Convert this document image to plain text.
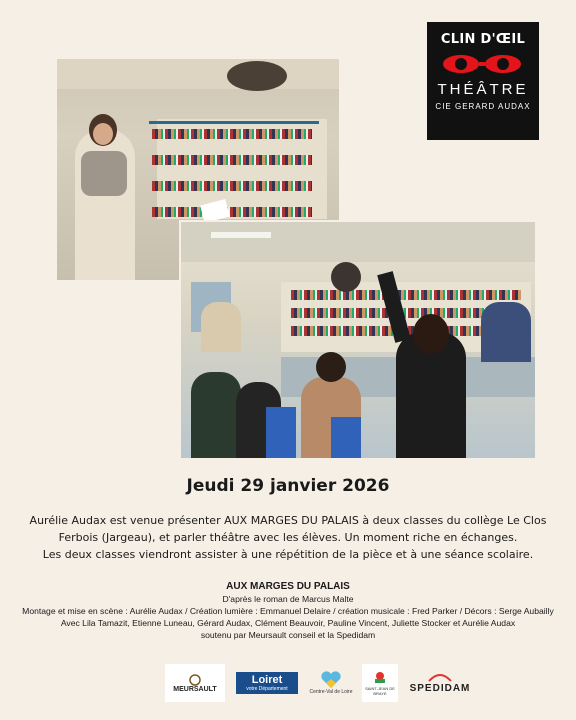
CLIN D'ŒIL
THÉÂTRE
CIE GERARD AUDAX
Jeudi 29 janvier 2026
Aurélie Audax est venue présenter AUX MARGES DU PALAIS à deux classes du collège Le Clos
Ferbois (Jargeau), et parler théâtre avec les élèves. Un moment riche en échanges.
Les deux classes viendront assister à une répétition de la pièce et à une séance scolaire.
AUX MARGES DU PALAIS
D'après le roman de Marcus Malte
Montage et mise en scène : Aurélie Audax / Création lumière : Emmanuel Delaire / création musicale : Fred Parker / Décors : Serge Aubailly
Avec Lila Tamazit, Etienne Luneau, Gérard Audax, Clément Beauvoir, Pauline Vincent, Juliette Stocker et Aurélie Audax
soutenu par Meursault conseil et la Spedidam
MEURSAULT
Loiret
votre Département	Centre-Val de Loire
SAINT-JEAN DE BRAYE	SPEDIDAM
